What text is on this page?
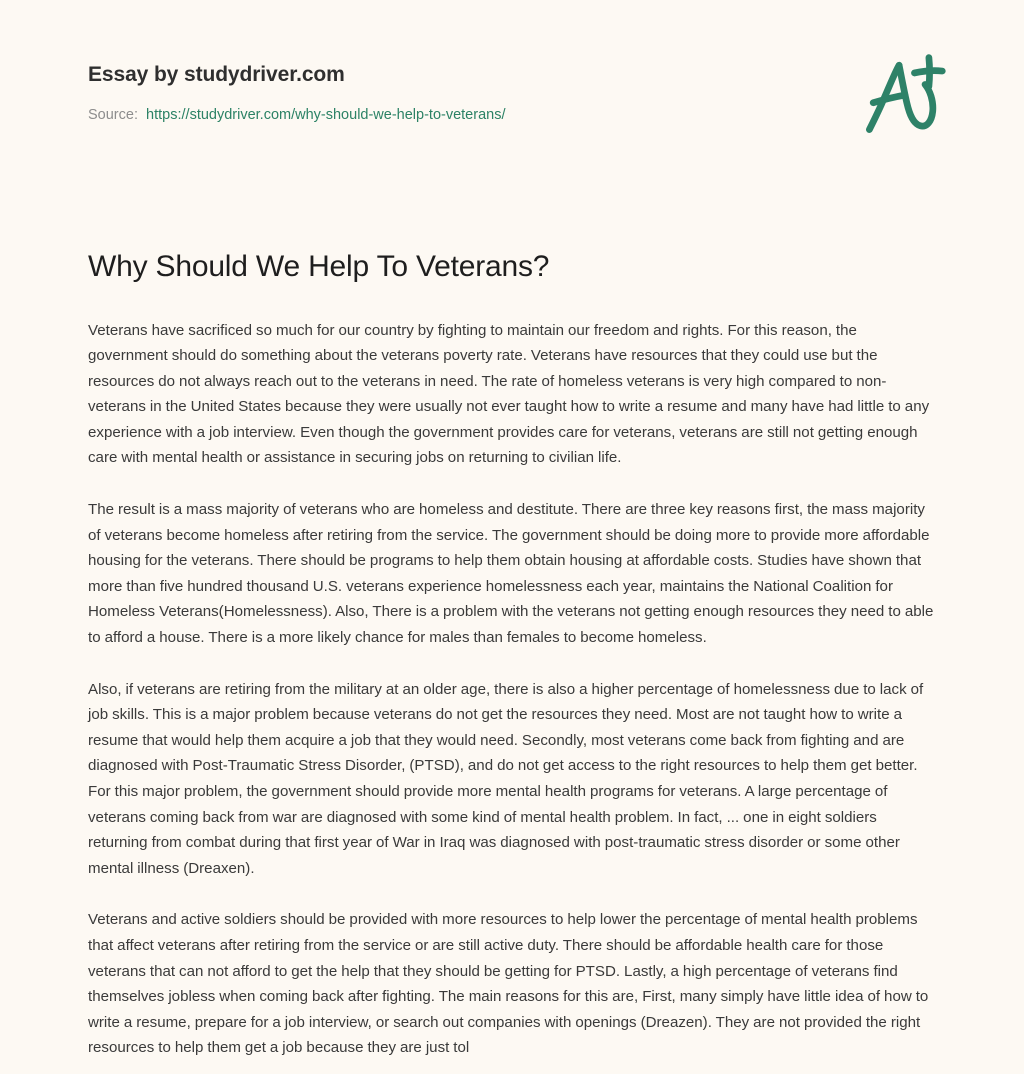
Essay by studydriver.com
Source: https://studydriver.com/why-should-we-help-to-veterans/
Why Should We Help To Veterans?

Veterans have sacrificed so much for our country by fighting to maintain our freedom and rights. For this reason, the government should do something about the veterans poverty rate. Veterans have resources that they could use but the resources do not always reach out to the veterans in need. The rate of homeless veterans is very high compared to non-veterans in the United States because they were usually not ever taught how to write a resume and many have had little to any experience with a job interview. Even though the government provides care for veterans, veterans are still not getting enough care with mental health or assistance in securing jobs on returning to civilian life.

The result is a mass majority of veterans who are homeless and destitute. There are three key reasons first, the mass majority of veterans become homeless after retiring from the service. The government should be doing more to provide more affordable housing for the veterans. There should be programs to help them obtain housing at affordable costs. Studies have shown that more than five hundred thousand U.S. veterans experience homelessness each year, maintains the National Coalition for Homeless Veterans(Homelessness). Also, There is a problem with the veterans not getting enough resources they need to able to afford a house. There is a more likely chance for males than females to become homeless.

Also, if veterans are retiring from the military at an older age, there is also a higher percentage of homelessness due to lack of job skills. This is a major problem because veterans do not get the resources they need. Most are not taught how to write a resume that would help them acquire a job that they would need. Secondly, most veterans come back from fighting and are diagnosed with Post-Traumatic Stress Disorder, (PTSD), and do not get access to the right resources to help them get better. For this major problem, the government should provide more mental health programs for veterans. A large percentage of veterans coming back from war are diagnosed with some kind of mental health problem. In fact, ... one in eight soldiers returning from combat during that first year of War in Iraq was diagnosed with post-traumatic stress disorder or some other mental illness (Dreaxen).

Veterans and active soldiers should be provided with more resources to help lower the percentage of mental health problems that affect veterans after retiring from the service or are still active duty. There should be affordable health care for those veterans that can not afford to get the help that they should be getting for PTSD. Lastly, a high percentage of veterans find themselves jobless when coming back after fighting. The main reasons for this are, First, many simply have little idea of how to write a resume, prepare for a job interview, or search out companies with openings (Dreazen). They are not provided the right resources to help them get a job because they are just tol
